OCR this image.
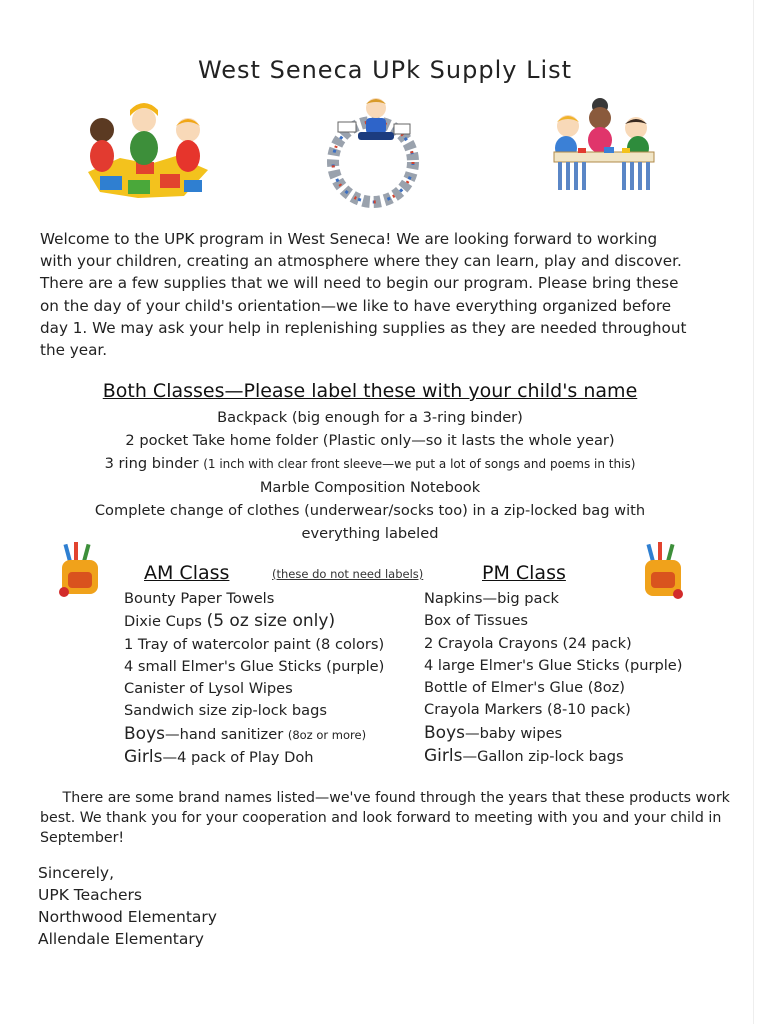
West Seneca UPk Supply List
Welcome to the UPK program in West Seneca! We are looking forward to working
with your children, creating an atmosphere where they can learn, play and discover.
There are a few supplies that we will need to begin our program. Please bring these
on the day of your child's orientation—we like to have everything organized before
day 1. We may ask your help in replenishing supplies as they are needed throughout
the year.
Both Classes—Please label these with your child's name
Backpack (big enough for a 3-ring binder)
2 pocket Take home folder (Plastic only—so it lasts the whole year)
3 ring binder (1 inch with clear front sleeve—we put a lot of songs and poems in this)
Marble Composition Notebook
Complete change of clothes (underwear/socks too) in a zip-locked bag with
everything labeled
AM Class	(these do not need labels)	PM Class
Bounty Paper Towels
Dixie Cups (5 oz size only)
1 Tray of watercolor paint (8 colors)
4 small Elmer's Glue Sticks (purple)
Canister of Lysol Wipes
Sandwich size zip-lock bags
Boys—hand sanitizer (8oz or more)
Girls—4 pack of Play Doh
Napkins—big pack
Box of Tissues
2 Crayola Crayons (24 pack)
4 large Elmer's Glue Sticks (purple)
Bottle of Elmer's Glue (8oz)
Crayola Markers (8-10 pack)
Boys—baby wipes
Girls—Gallon zip-lock bags
There are some brand names listed—we've found through the years that these products work
best. We thank you for your cooperation and look forward to meeting with you and your child in
September!
Sincerely,
UPK Teachers
Northwood Elementary
Allendale Elementary
